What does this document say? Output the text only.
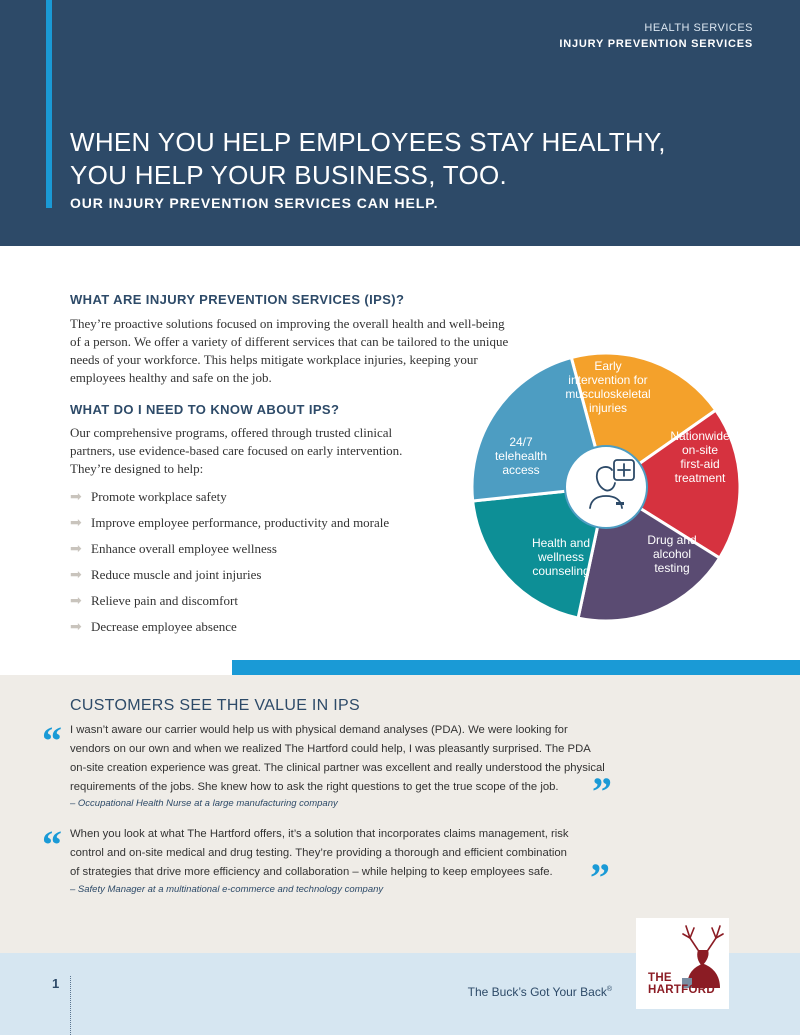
HEALTH SERVICES
INJURY PREVENTION SERVICES
WHEN YOU HELP EMPLOYEES STAY HEALTHY,
YOU HELP YOUR BUSINESS, TOO.
OUR INJURY PREVENTION SERVICES CAN HELP.
WHAT ARE INJURY PREVENTION SERVICES (IPS)?
They’re proactive solutions focused on improving the overall health and well-being
of a person. We offer a variety of different services that can be tailored to the unique
needs of your workforce. This helps mitigate workplace injuries, keeping your
employees healthy and safe on the job.
WHAT DO I NEED TO KNOW ABOUT IPS?
Our comprehensive programs, offered through trusted clinical
partners, use evidence-based care focused on early intervention.
They’re designed to help:
➡ Promote workplace safety
➡ Improve employee performance, productivity and morale
➡ Enhance overall employee wellness
➡ Reduce muscle and joint injuries
➡ Relieve pain and discomfort
➡ Decrease employee absence
Early intervention for musculoskeletal injuries
Nationwide on-site first-aid treatment
Drug and alcohol testing
Health and wellness counseling
24/7 telehealth access
CUSTOMERS SEE THE VALUE IN IPS
“ I wasn’t aware our carrier would help us with physical demand analyses (PDA). We were looking for
vendors on our own and when we realized The Hartford could help, I was pleasantly surprised. The PDA
on-site creation experience was great. The clinical partner was excellent and really understood the physical
requirements of the jobs. She knew how to ask the right questions to get the true scope of the job. ”
– Occupational Health Nurse at a large manufacturing company
“ When you look at what The Hartford offers, it’s a solution that incorporates claims management, risk
control and on-site medical and drug testing. They’re providing a thorough and efficient combination
of strategies that drive more efficiency and collaboration – while helping to keep employees safe. ”
– Safety Manager at a multinational e-commerce and technology company
1
The Buck’s Got Your Back®
THE
HARTFORD
